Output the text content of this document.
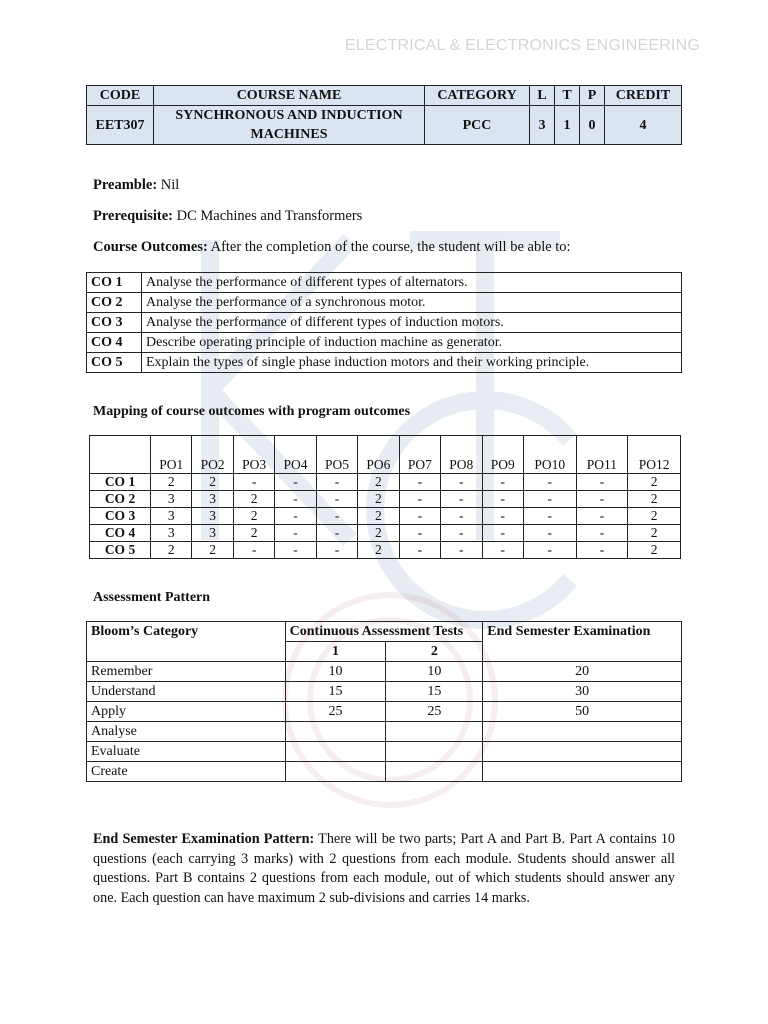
ELECTRICAL & ELECTRONICS ENGINEERING
CODE	COURSE NAME	CATEGORY	L	T	P	CREDIT
EET307	SYNCHRONOUS AND INDUCTION MACHINES	PCC	3	1	0	4
Preamble: Nil
Prerequisite: DC Machines and Transformers
Course Outcomes: After the completion of the course, the student will be able to:
CO 1	Analyse the performance of different types of alternators.
CO 2	Analyse the performance of a synchronous motor.
CO 3	Analyse the performance of different types of induction motors.
CO 4	Describe operating principle of induction machine as generator.
CO 5	Explain the types of single phase induction motors and their working principle.
Mapping of course outcomes with program outcomes
	PO1	PO2	PO3	PO4	PO5	PO6	PO7	PO8	PO9	PO10	PO11	PO12
CO 1	2	2	-	-	-	2	-	-	-	-	-	2
CO 2	3	3	2	-	-	2	-	-	-	-	-	2
CO 3	3	3	2	-	-	2	-	-	-	-	-	2
CO 4	3	3	2	-	-	2	-	-	-	-	-	2
CO 5	2	2	-	-	-	2	-	-	-	-	-	2
Assessment Pattern
Bloom’s Category	Continuous Assessment Tests		End Semester Examination
	1	2	
Remember	10	10	20
Understand	15	15	30
Apply	25	25	50
Analyse			
Evaluate			
Create			
End Semester Examination Pattern: There will be two parts; Part A and Part B. Part A contains 10 questions (each carrying 3 marks) with 2 questions from each module. Students should answer all questions. Part B contains 2 questions from each module, out of which students should answer any one. Each question can have maximum 2 sub-divisions and carries 14 marks.
